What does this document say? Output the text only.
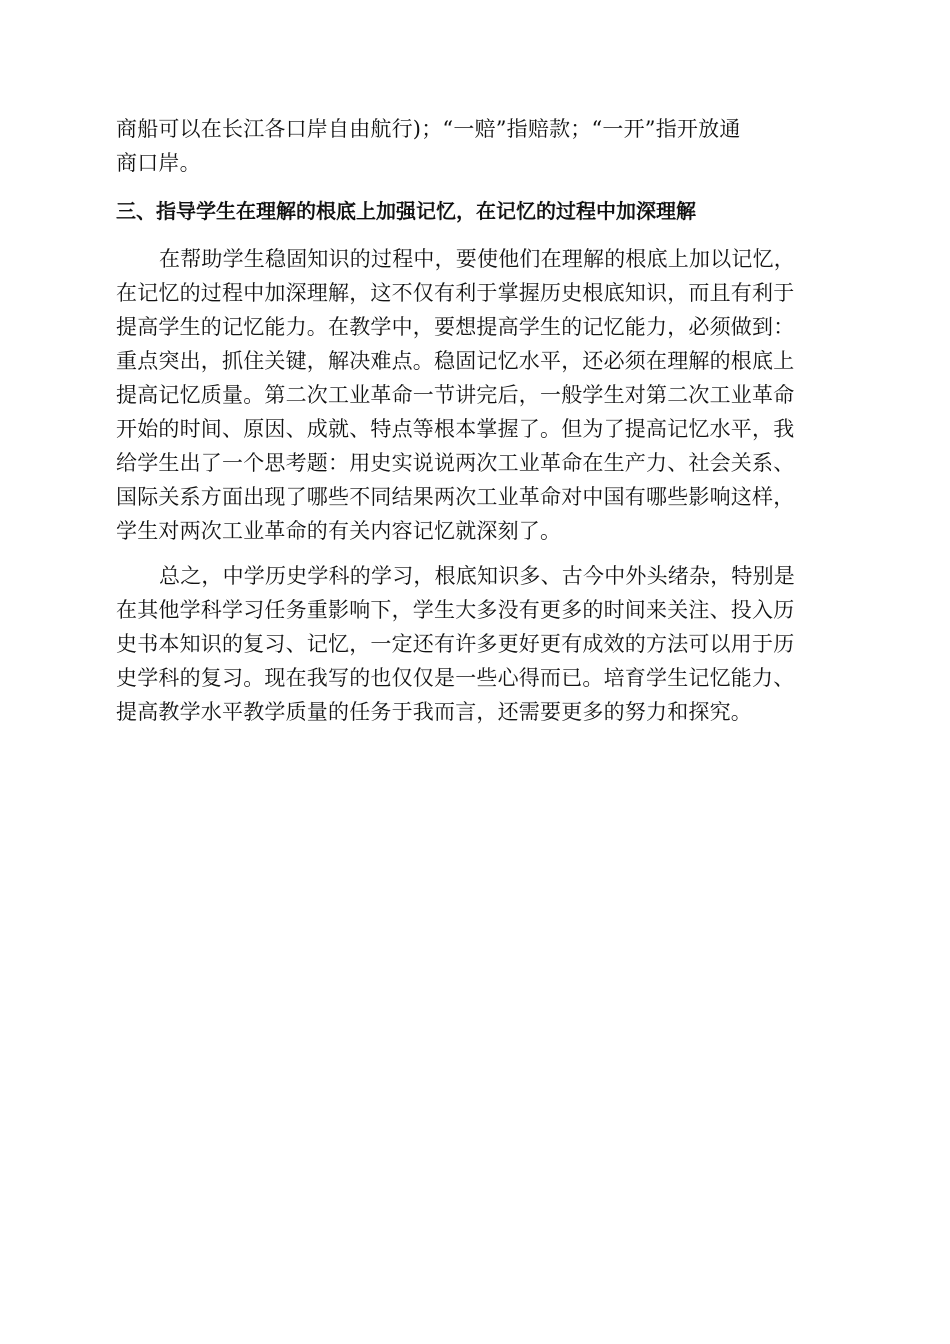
商船可以在长江各口岸自由航行)；“一赔”指赔款；“一开”指开放通
商口岸。
三、指导学生在理解的根底上加强记忆，在记忆的过程中加深理解
在帮助学生稳固知识的过程中，要使他们在理解的根底上加以记忆，
在记忆的过程中加深理解，这不仅有利于掌握历史根底知识，而且有利于
提高学生的记忆能力。在教学中，要想提高学生的记忆能力，必须做到：
重点突出，抓住关键，解决难点。稳固记忆水平，还必须在理解的根底上
提高记忆质量。第二次工业革命一节讲完后，一般学生对第二次工业革命
开始的时间、原因、成就、特点等根本掌握了。但为了提高记忆水平，我
给学生出了一个思考题：用史实说说两次工业革命在生产力、社会关系、
国际关系方面出现了哪些不同结果两次工业革命对中国有哪些影响这样，
学生对两次工业革命的有关内容记忆就深刻了。
总之，中学历史学科的学习，根底知识多、古今中外头绪杂，特别是
在其他学科学习任务重影响下，学生大多没有更多的时间来关注、投入历
史书本知识的复习、记忆，一定还有许多更好更有成效的方法可以用于历
史学科的复习。现在我写的也仅仅是一些心得而已。培育学生记忆能力、
提高教学水平教学质量的任务于我而言，还需要更多的努力和探究。
